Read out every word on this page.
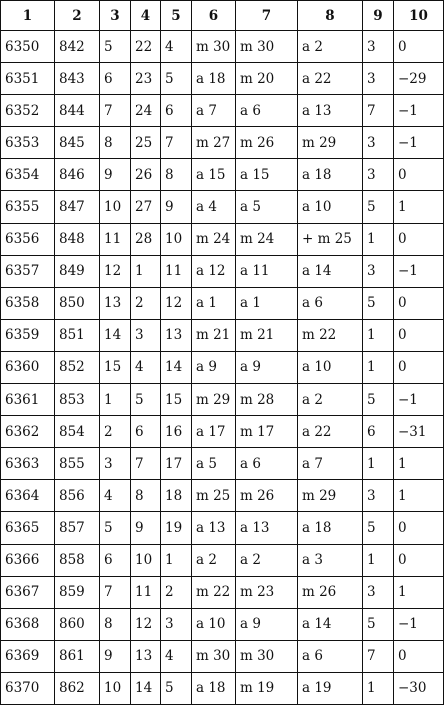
1	2	3	4	5	6	7	8	9	10
6350	842	5	22	4	m 30	m 30	a 2	3	0
6351	843	6	23	5	a 18	m 20	a 22	3	−29
6352	844	7	24	6	a 7	a 6	a 13	7	−1
6353	845	8	25	7	m 27	m 26	m 29	3	−1
6354	846	9	26	8	a 15	a 15	a 18	3	0
6355	847	10	27	9	a 4	a 5	a 10	5	1
6356	848	11	28	10	m 24	m 24	+ m 25	1	0
6357	849	12	1	11	a 12	a 11	a 14	3	−1
6358	850	13	2	12	a 1	a 1	a 6	5	0
6359	851	14	3	13	m 21	m 21	m 22	1	0
6360	852	15	4	14	a 9	a 9	a 10	1	0
6361	853	1	5	15	m 29	m 28	a 2	5	−1
6362	854	2	6	16	a 17	m 17	a 22	6	−31
6363	855	3	7	17	a 5	a 6	a 7	1	1
6364	856	4	8	18	m 25	m 26	m 29	3	1
6365	857	5	9	19	a 13	a 13	a 18	5	0
6366	858	6	10	1	a 2	a 2	a 3	1	0
6367	859	7	11	2	m 22	m 23	m 26	3	1
6368	860	8	12	3	a 10	a 9	a 14	5	−1
6369	861	9	13	4	m 30	m 30	a 6	7	0
6370	862	10	14	5	a 18	m 19	a 19	1	−30
